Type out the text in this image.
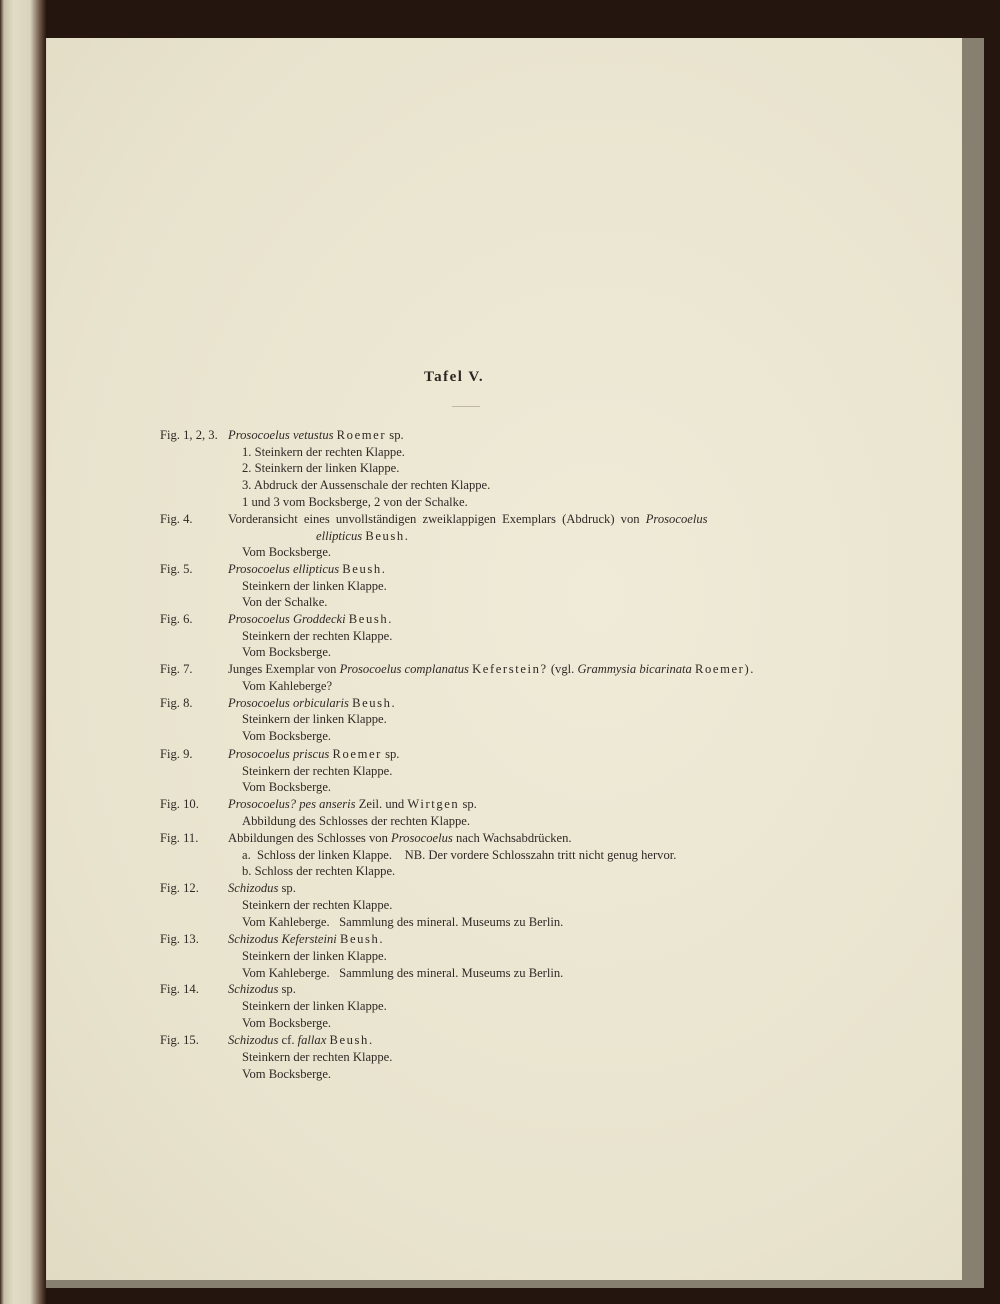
Tafel V.
Fig. 1, 2, 3. Prosocoelus vetustus Roemer sp.
1. Steinkern der rechten Klappe.
2. Steinkern der linken Klappe.
3. Abdruck der Aussenschale der rechten Klappe.
1 und 3 vom Bocksberge, 2 von der Schalke.
Fig. 4.	Vorderansicht eines unvollständigen zweiklappigen Exemplars (Abdruck) von Prosocoelus
ellipticus Beush.
Vom Bocksberge.
Fig. 5.	Prosocoelus ellipticus Beush.
Steinkern der linken Klappe.
Von der Schalke.
Fig. 6.	Prosocoelus Groddecki Beush.
Steinkern der rechten Klappe.
Vom Bocksberge.
Fig. 7.	Junges Exemplar von Prosocoelus complanatus Keferstein? (vgl. Grammysia bicarinata Roemer).
Vom Kahleberge?
Fig. 8.	Prosocoelus orbicularis Beush.
Steinkern der linken Klappe.
Vom Bocksberge.
Fig. 9.	Prosocoelus priscus Roemer sp.
Steinkern der rechten Klappe.
Vom Bocksberge.
Fig. 10. Prosocoelus? pes anseris Zeil. und Wirtgen sp.
Abbildung des Schlosses der rechten Klappe.
Fig. 11. Abbildungen des Schlosses von Prosocoelus nach Wachsabdrücken.
a.  Schloss der linken Klappe.    NB. Der vordere Schlosszahn tritt nicht genug hervor.
b. Schloss der rechten Klappe.
Fig. 12. Schizodus sp.
Steinkern der rechten Klappe.
Vom Kahleberge.   Sammlung des mineral. Museums zu Berlin.
Fig. 13. Schizodus Kefersteini Beush.
Steinkern der linken Klappe.
Vom Kahleberge.   Sammlung des mineral. Museums zu Berlin.
Fig. 14. Schizodus sp.
Steinkern der linken Klappe.
Vom Bocksberge.
Fig. 15. Schizodus cf. fallax Beush.
Steinkern der rechten Klappe.
Vom Bocksberge.
